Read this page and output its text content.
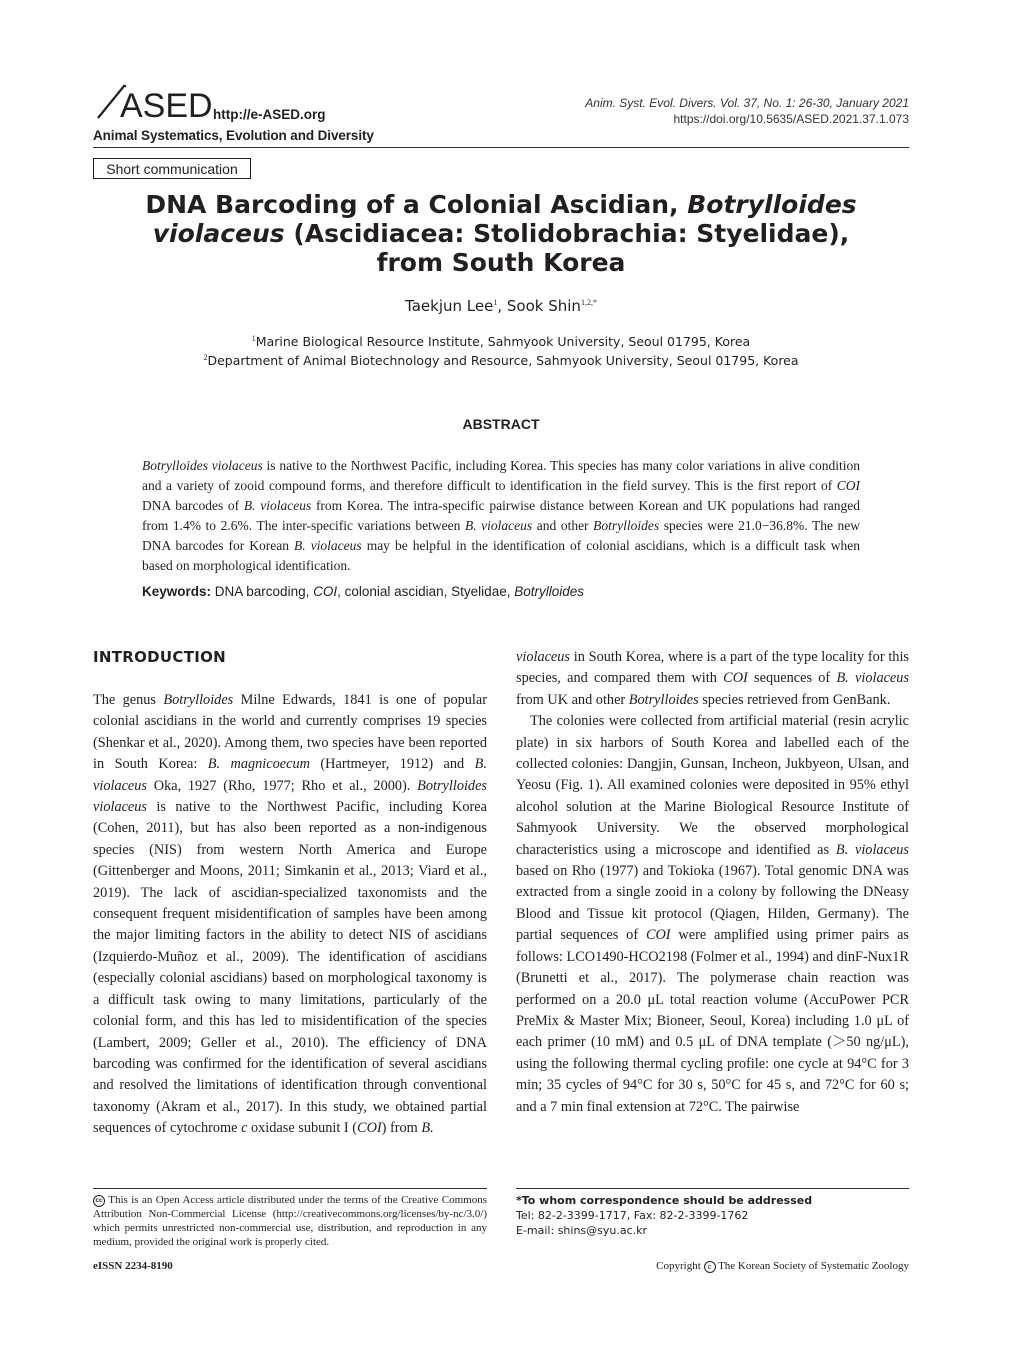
ASED http://e-ASED.org
Animal Systematics, Evolution and Diversity
Anim. Syst. Evol. Divers. Vol. 37, No. 1: 26-30, January 2021
https://doi.org/10.5635/ASED.2021.37.1.073
Short communication
DNA Barcoding of a Colonial Ascidian, Botrylloides
violaceus (Ascidiacea: Stolidobrachia: Styelidae),
from South Korea
Taekjun Lee$^1$, Sook Shin$^{1,2,*}$
$^1$Marine Biological Resource Institute, Sahmyook University, Seoul 01795, Korea
$^2$Department of Animal Biotechnology and Resource, Sahmyook University, Seoul 01795, Korea
ABSTRACT
Botrylloides violaceus is native to the Northwest Pacific, including Korea. This species has many color variations in alive condition and a variety of zooid compound forms, and therefore difficult to identification in the field survey. This is the first report of COI DNA barcodes of B. violaceus from Korea. The intra-specific pairwise distance between Korean and UK populations had ranged from 1.4% to 2.6%. The inter-specific variations between B. violaceus and other Botrylloides species were 21.0−36.8%. The new DNA barcodes for Korean B. violaceus may be helpful in the identification of colonial ascidians, which is a difficult task when based on morphological identification.
Keywords: DNA barcoding, COI, colonial ascidian, Styelidae, Botrylloides
INTRODUCTION

The genus Botrylloides Milne Edwards, 1841 is one of popular colonial ascidians in the world and currently comprises 19 species (Shenkar et al., 2020). Among them, two species have been reported in South Korea: B. magnicoecum (Hartmeyer, 1912) and B. violaceus Oka, 1927 (Rho, 1977; Rho et al., 2000). Botrylloides violaceus is native to the Northwest Pacific, including Korea (Cohen, 2011), but has also been reported as a non-indigenous species (NIS) from western North America and Europe (Gittenberger and Moons, 2011; Simkanin et al., 2013; Viard et al., 2019). The lack of ascidian-specialized taxonomists and the consequent frequent misidentification of samples have been among the major limiting factors in the ability to detect NIS of ascidians (Izquierdo-Muñoz et al., 2009). The identification of ascidians (especially colonial ascidians) based on morphological taxonomy is a difficult task owing to many limitations, particularly of the colonial form, and this has led to misidentification of the species (Lambert, 2009; Geller et al., 2010). The efficiency of DNA barcoding was confirmed for the identification of several ascidians and resolved the limitations of identification through conventional taxonomy (Akram et al., 2017). In this study, we obtained partial sequences of cytochrome c oxidase subunit I (COI) from B.

violaceus in South Korea, where is a part of the type locality for this species, and compared them with COI sequences of B. violaceus from UK and other Botrylloides species retrieved from GenBank.

The colonies were collected from artificial material (resin acrylic plate) in six harbors of South Korea and labelled each of the collected colonies: Dangjin, Gunsan, Incheon, Jukbyeon, Ulsan, and Yeosu (Fig. 1). All examined colonies were deposited in 95% ethyl alcohol solution at the Marine Biological Resource Institute of Sahmyook University. We the observed morphological characteristics using a microscope and identified as B. violaceus based on Rho (1977) and Tokioka (1967). Total genomic DNA was extracted from a single zooid in a colony by following the DNeasy Blood and Tissue kit protocol (Qiagen, Hilden, Germany). The partial sequences of COI were amplified using primer pairs as follows: LCO1490-HCO2198 (Folmer et al., 1994) and dinF-Nux1R (Brunetti et al., 2017). The polymerase chain reaction was performed on a 20.0 μL total reaction volume (AccuPower PCR PreMix & Master Mix; Bioneer, Seoul, Korea) including 1.0 μL of each primer (10 mM) and 0.5 μL of DNA template (＞50 ng/μL), using the following thermal cycling profile: one cycle at 94°C for 3 min; 35 cycles of 94°C for 30 s, 50°C for 45 s, and 72°C for 60 s; and a 7 min final extension at 72°C. The pairwise

cc This is an Open Access article distributed under the terms of the Creative Commons Attribution Non-Commercial License (http://creativecommons.org/licenses/by-nc/3.0/) which permits unrestricted non-commercial use, distribution, and reproduction in any medium, provided the original work is properly cited.
*To whom correspondence should be addressed
Tel: 82-2-3399-1717, Fax: 82-2-3399-1762
E-mail: shins@syu.ac.kr
eISSN 2234-8190	Copyright c The Korean Society of Systematic Zoology
